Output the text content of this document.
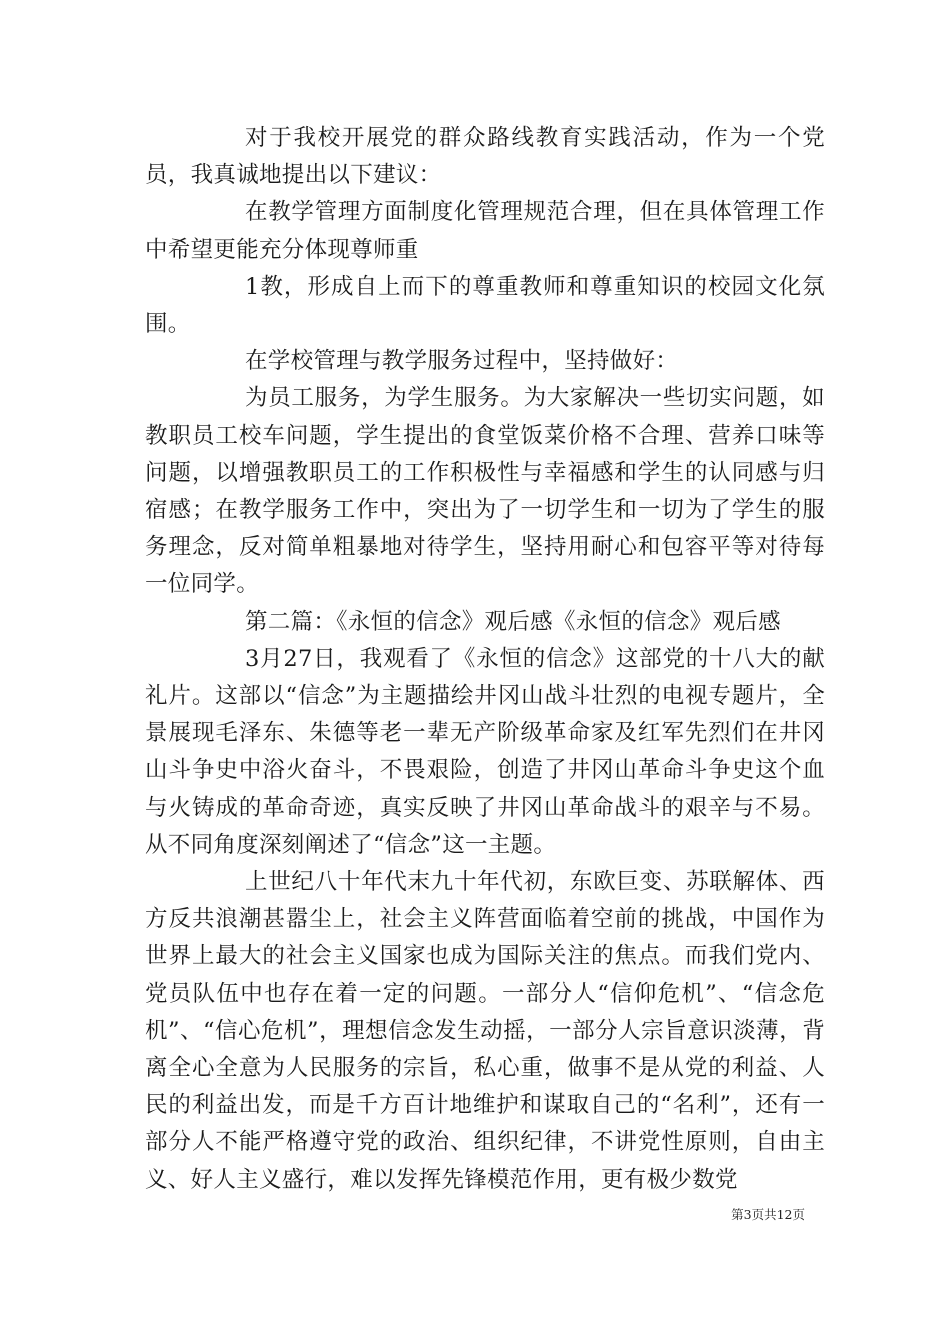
对于我校开展党的群众路线教育实践活动，作为一个党员，我真诚地提出以下建议：

在教学管理方面制度化管理规范合理，但在具体管理工作中希望更能充分体现尊师重

1教，形成自上而下的尊重教师和尊重知识的校园文化氛围。

在学校管理与教学服务过程中，坚持做好：

为员工服务，为学生服务。为大家解决一些切实问题，如教职员工校车问题，学生提出的食堂饭菜价格不合理、营养口味等问题，以增强教职员工的工作积极性与幸福感和学生的认同感与归宿感；在教学服务工作中，突出为了一切学生和一切为了学生的服务理念，反对简单粗暴地对待学生，坚持用耐心和包容平等对待每一位同学。

第二篇：《永恒的信念》观后感《永恒的信念》观后感

3月27日，我观看了《永恒的信念》这部党的十八大的献礼片。这部以“信念”为主题描绘井冈山战斗壮烈的电视专题片，全景展现毛泽东、朱德等老一辈无产阶级革命家及红军先烈们在井冈山斗争史中浴火奋斗，不畏艰险，创造了井冈山革命斗争史这个血与火铸成的革命奇迹，真实反映了井冈山革命战斗的艰辛与不易。从不同角度深刻阐述了“信念”这一主题。

上世纪八十年代末九十年代初，东欧巨变、苏联解体、西方反共浪潮甚嚣尘上，社会主义阵营面临着空前的挑战，中国作为世界上最大的社会主义国家也成为国际关注的焦点。而我们党内、党员队伍中也存在着一定的问题。一部分人“信仰危机”、“信念危机”、“信心危机”，理想信念发生动摇，一部分人宗旨意识淡薄，背离全心全意为人民服务的宗旨，私心重，做事不是从党的利益、人民的利益出发，而是千方百计地维护和谋取自己的“名利”，还有一部分人不能严格遵守党的政治、组织纪律，不讲党性原则，自由主义、好人主义盛行，难以发挥先锋模范作用，更有极少数党

第3页共12页
